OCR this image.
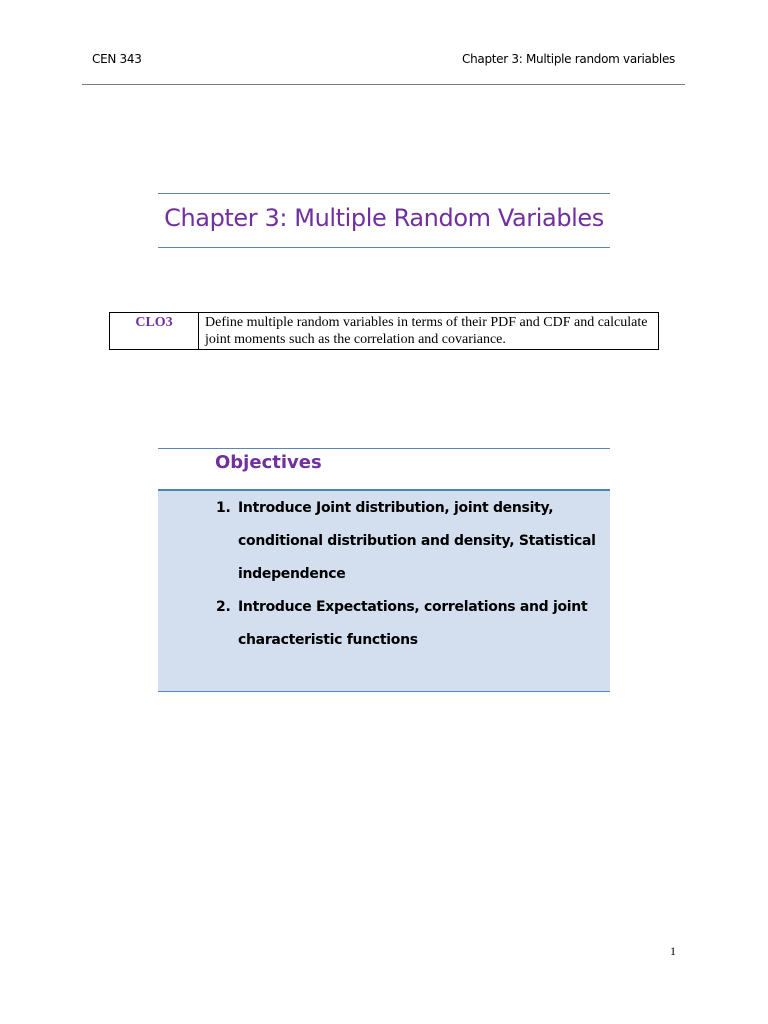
CEN 343	Chapter 3: Multiple random variables
Chapter 3: Multiple Random Variables
CLO3	Define multiple random variables in terms of their PDF and CDF and calculate joint moments such as the correlation and covariance.
Objectives
1. Introduce Joint distribution, joint density, conditional distribution and density, Statistical independence
2. Introduce Expectations, correlations and joint characteristic functions
1
